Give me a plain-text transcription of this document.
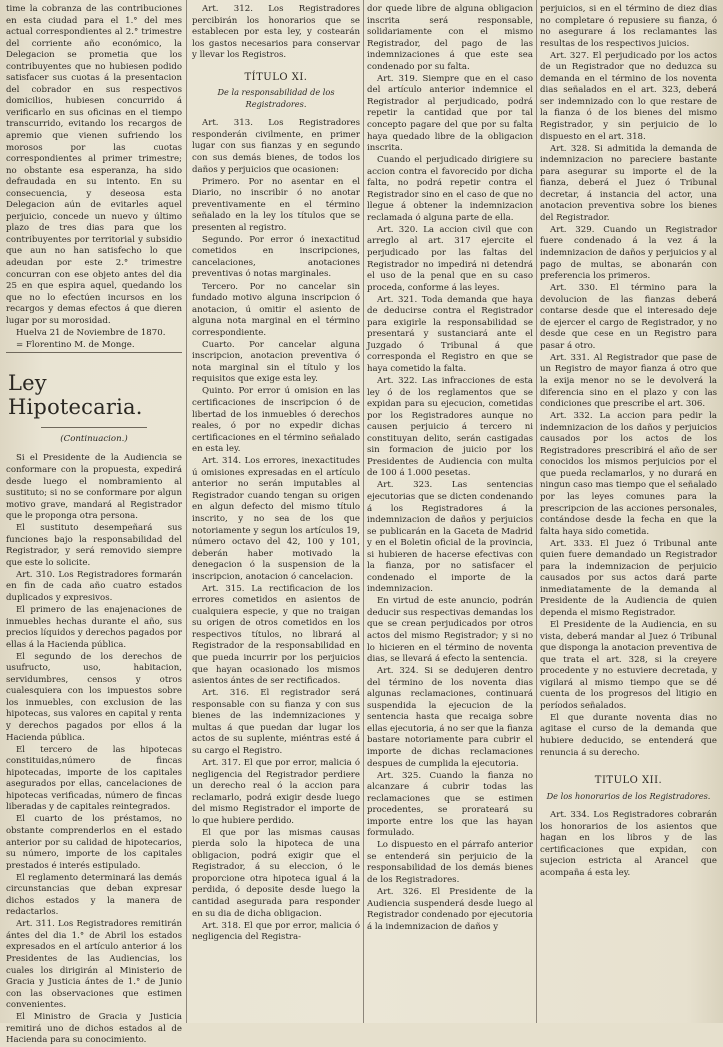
time la cobranza de las contribuciones en esta ciudad para el 1.° del mes actual correspondientes al 2.° trimestre del corriente año económico, la Delegacion se prometia que los contribuyentes que no hubiesen podido satisfacer sus cuotas á la presentacion del cobrador en sus respectivos domicilios, hubiesen concurrido á verificarlo en sus oficinas en el tiempo transcurrido, evitando los recargos de apremio que vienen sufriendo los morosos por las cuotas correspondientes al primer trimestre; no obstante esa esperanza, ha sido defraudada en su intento. En su consecuencia, y deseosa esta Delegacion aún de evitarles aquel perjuicio, concede un nuevo y último plazo de tres dias para que los contribuyentes por territorial y subsidio que aun no han satisfecho lo que adeudan por este 2.° trimestre concurran con ese objeto antes del dia 25 en que espira aquel, quedando los que no lo efectúen incursos en los recargos y demas efectos á que dieren lugar por su morosidad.

Huelva 21 de Noviembre de 1870.

= Florentino M. de Monge.

Ley Hipotecaria.
(Continuacion.)

Si el Presidente de la Audiencia se conformare con la propuesta, expedirá desde luego el nombramiento al sustituto; si no se conformare por algun motivo grave, mandará al Registrador que le proponga otra persona.

El sustituto desempeñará sus funciones bajo la responsabilidad del Registrador, y será removido siempre que este lo solicite.

Art. 310. Los Registradores formarán en fin de cada año cuatro estados duplicados y expresivos.

El primero de las enajenaciones de inmuebles hechas durante el año, sus precios líquidos y derechos pagados por ellas á la Hacienda pública.

El segundo de los derechos de usufructo, uso, habitacion, servidumbres, censos y otros cualesquiera con los impuestos sobre los inmuebles, con exclusion de las hipotecas, sus valores en capital y renta y derechos pagados por ellos á la Hacienda pública.

El tercero de las hipotecas constituidas,número de fincas hipotecadas, importe de los capitales asegurados por ellas, cancelaciones de hipotecas verificadas, número de fincas liberadas y de capitales reintegrados.

El cuarto de los préstamos, no obstante comprenderlos en el estado anterior por su calidad de hipotecarios, su número, importe de los capitales prestados é interés estipulado.

El reglamento determinará las demás circunstancias que deban expresar dichos estados y la manera de redactarlos.

Art. 311. Los Registradores remitirán ántes del dia 1.° de Abril los estados expresados en el artículo anterior á los Presidentes de las Audiencias, los cuales los dirigirán al Ministerio de Gracia y Justicia ántes de 1.° de Junio con las observaciones que estimen convenientes.

El Ministro de Gracia y Justicia remitirá uno de dichos estados al de Hacienda para su conocimiento.

Art. 312. Los Registradores percibirán los honorarios que se establecen por esta ley, y costearán los gastos necesarios para conservar y llevar los Registros.

TÍTULO XI.
De la responsabilidad de los Registradores.

Art. 313. Los Registradores responderán civilmente, en primer lugar con sus fianzas y en segundo con sus demás bienes, de todos los daños y perjuicios que ocasionen:

Primero. Por no asentar en el Diario, no inscribir ó no anotar preventivamente en el término señalado en la ley los títulos que se presenten al registro.

Segundo. Por error ó inexactitud cometidos en inscripciones, cancelaciones, anotaciones preventivas ó notas marginales.

Tercero. Por no cancelar sin fundado motivo alguna inscripcion ó anotacion, ú omitir el asiento de alguna nota marginal en el término correspondiente.

Cuarto. Por cancelar alguna inscripcion, anotacion preventiva ó nota marginal sin el título y los requisitos que exige esta ley.

Quinto. Por error ú omision en las certificaciones de inscripcion ó de libertad de los inmuebles ó derechos reales, ó por no expedir dichas certificaciones en el término señalado en esta ley.

Art. 314. Los errores, inexactitudes ú omisiones expresadas en el artículo anterior no serán imputables al Registrador cuando tengan su origen en algun defecto del mismo título inscrito, y no sea de los que notoriamente y segun los artículos 19, número octavo del 42, 100 y 101, deberán haber motivado la denegacion ó la suspension de la inscripcion, anotacion ó cancelacion.

Art. 315. La rectificacion de los errores cometidos en asientos de cualquiera especie, y que no traigan su origen de otros cometidos en los respectivos títulos, no librará al Registrador de la responsabilidad en que pueda incurrir por los perjuicios que hayan ocasionado los mismos asientos ántes de ser rectificados.

Art. 316. El registrador será responsable con su fianza y con sus bienes de las indemnizaciones y multas á que puedan dar lugar los actos de su suplente, miéntras esté á su cargo el Registro.

Art. 317. El que por error, malicia ó negligencia del Registrador perdiere un derecho real ó la accion para reclamarlo, podrá exigir desde luego del mismo Registrador el importe de lo que hubiere perdido.

El que por las mismas causas pierda solo la hipoteca de una obligacion, podrá exigir que el Registrador, á su eleccion, ó le proporcione otra hipoteca igual á la perdida, ó deposite desde luego la cantidad asegurada para responder en su dia de dicha obligacion.

Art. 318. El que por error, malicia ó negligencia del Registra-

dor quede libre de alguna obligacion inscrita será responsable, solidariamente con el mismo Registrador, del pago de las indemnizaciones á que este sea condenado por su falta.

Art. 319. Siempre que en el caso del artículo anterior indemnice el Registrador al perjudicado, podrá repetir la cantidad que por tal concepto pagare del que por su falta haya quedado libre de la obligacion inscrita.

Cuando el perjudicado dirigiere su accion contra el favorecido por dicha falta, no podrá repetir contra el Registrador sino en el caso de que no llegue á obtener la indemnizacion reclamada ó alguna parte de ella.

Art. 320. La accion civil que con arreglo al art. 317 ejercite el perjudicado por las faltas del Registrador no impedirá ni detendrá el uso de la penal que en su caso proceda, conforme á las leyes.

Art. 321. Toda demanda que haya de deducirse contra el Registrador para exigirle la responsabilidad se presentará y sustanciará ante el Juzgado ó Tribunal á que corresponda el Registro en que se haya cometido la falta.

Art. 322. Las infracciones de esta ley ó de los reglamentos que se expidan para su ejecucion, cometidas por los Registradores aunque no causen perjuicio á tercero ni constituyan delito, serán castigadas sin formacion de juicio por los Presidentes de Audiencia con multa de 100 á 1.000 pesetas.

Art. 323. Las sentencias ejecutorias que se dicten condenando á los Registradores á la indemnizacion de daños y perjuicios se publicarán en la Gaceta de Madrid y en el Boletin oficial de la provincia, si hubieren de hacerse efectivas con la fianza, por no satisfacer el condenado el importe de la indemnizacion.

En virtud de este anuncio, podrán deducir sus respectivas demandas los que se crean perjudicados por otros actos del mismo Registrador; y si no lo hicieren en el término de noventa dias, se llevará á efecto la sentencia.

Art. 324. Si se dedujeren dentro del término de los noventa dias algunas reclamaciones, continuará suspendida la ejecucion de la sentencia hasta que recaiga sobre ellas ejecutoria, á no ser que la fianza bastare notoriamente para cubrir el importe de dichas reclamaciones despues de cumplida la ejecutoria.

Art. 325. Cuando la fianza no alcanzare á cubrir todas las reclamaciones que se estimen procedentes, se prorateará su importe entre los que las hayan formulado.

Lo dispuesto en el párrafo anterior se entenderá sin perjuicio de la responsabilidad de los demás bienes de los Registradores.

Art. 326. El Presidente de la Audiencia suspenderá desde luego al Registrador condenado por ejecutoria á la indemnizacion de daños y

perjuicios, si en el término de diez dias no completare ó repusiere su fianza, ó no asegurare á los reclamantes las resultas de los respectivos juicios.

Art. 327. El perjudicado por los actos de un Registrador que no deduzca su demanda en el término de los noventa dias señalados en el art. 323, deberá ser indemnizado con lo que restare de la fianza ó de los bienes del mismo Registrador, y sin perjuicio de lo dispuesto en el art. 318.

Art. 328. Si admitida la demanda de indemnizacion no pareciere bastante para asegurar su importe el de la fianza, deberá el Juez ó Tribunal decretar, á instancia del actor, una anotacion preventiva sobre los bienes del Registrador.

Art. 329. Cuando un Registrador fuere condenado á la vez á la indemnizacion de daños y perjuicios y al pago de multas, se abonarán con preferencia los primeros.

Art. 330. El término para la devolucion de las fianzas deberá contarse desde que el interesado deje de ejercer el cargo de Registrador, y no desde que cese en un Registro para pasar á otro.

Art. 331. Al Registrador que pase de un Registro de mayor fianza á otro que la exija menor no se le devolverá la diferencia sino en el plazo y con las condiciones que prescribe el art. 306.

Art. 332. La accion para pedir la indemnizacion de los daños y perjuicios causados por los actos de los Registradores prescribirá el año de ser conocidos los mismos perjuicios por el que pueda reclamarlos, y no durará en ningun caso mas tiempo que el señalado por las leyes comunes para la prescripcion de las acciones personales, contándose desde la fecha en que la falta haya sido cometida.

Art. 333. El Juez ó Tribunal ante quien fuere demandado un Registrador para la indemnizacion de perjuicio causados por sus actos dará parte inmediatamente de la demanda al Presidente de la Audiencia de quien dependa el mismo Registrador.

El Presidente de la Audiencia, en su vista, deberá mandar al Juez ó Tribunal que disponga la anotacion preventiva de que trata el art. 328, si la creyere procedente y no estuviere decretada, y vigilará al mismo tiempo que se dé cuenta de los progresos del litigio en períodos señalados.

El que durante noventa dias no agitase el curso de la demanda que hubiere deducido, se entenderá que renuncia á su derecho.

TITULO XII.
De los honorarios de los Registradores.

Art. 334. Los Registradores cobrarán los honorarios de los asientos que hagan en los libros y de las certificaciones que expidan, con sujecion estricta al Arancel que acompaña á esta ley.
